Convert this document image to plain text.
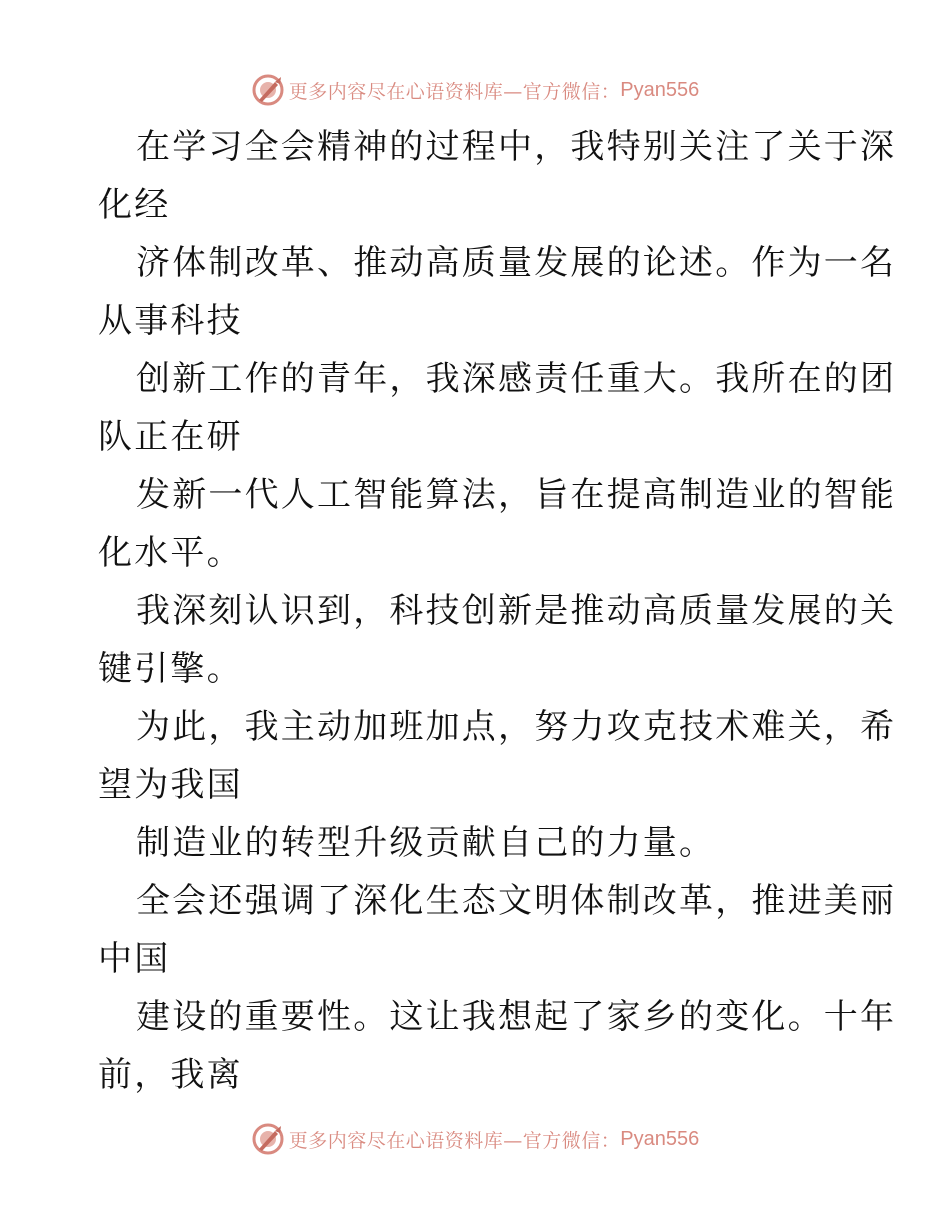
更多内容尽在心语资料库—官方微信： Pyan556
在学习全会精神的过程中，我特别关注了关于深
化经
济体制改革、推动高质量发展的论述。作为一名
从事科技
创新工作的青年，我深感责任重大。我所在的团
队正在研
发新一代人工智能算法，旨在提高制造业的智能
化水平。
我深刻认识到，科技创新是推动高质量发展的关
键引擎。
为此，我主动加班加点，努力攻克技术难关，希
望为我国
制造业的转型升级贡献自己的力量。
全会还强调了深化生态文明体制改革，推进美丽
中国
建设的重要性。这让我想起了家乡的变化。十年
前，我离
更多内容尽在心语资料库—官方微信： Pyan556
